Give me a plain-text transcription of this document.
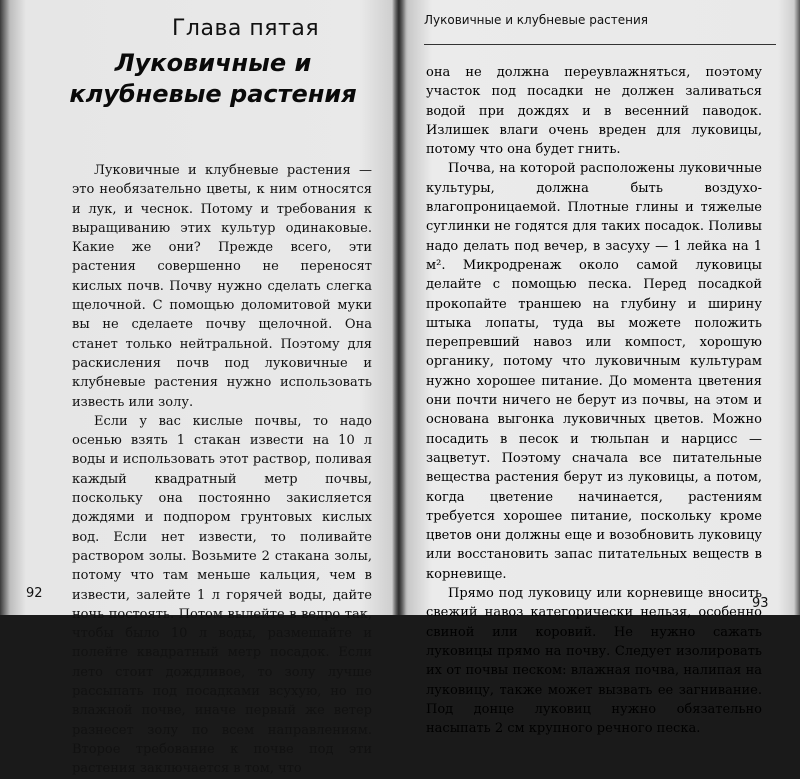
Глава пятая
Луковичные и клубневые растения

Луковичные и клубневые растения — это необязательно цветы, к ним относятся и лук, и чеснок. Потому и требования к выращиванию этих культур одинаковые. Какие же они? Прежде всего, эти растения совершенно не переносят кислых почв. Почву нужно сделать слегка щелочной. С помощью доломитовой муки вы не сделаете почву щелочной. Она станет только нейтральной. Поэтому для раскисления почв под луковичные и клубневые растения нужно использовать известь или золу.

Если у вас кислые почвы, то надо осенью взять 1 стакан извести на 10 л воды и использовать этот раствор, поливая каждый квадратный метр почвы, поскольку она постоянно закисляется дождями и подпором грунтовых кислых вод. Если нет извести, то поливайте раствором золы. Возьмите 2 стакана золы, потому что там меньше кальция, чем в извести, залейте 1 л горячей воды, дайте ночь постоять. Потом вылейте в ведро так, чтобы было 10 л воды, размешайте и полейте квадратный метр посадок. Если лето стоит дождливое, то золу лучше рассыпать под посадками всухую, но по влажной почве, иначе первый же ветер разнесет золу по всем направлениям. Второе требование к почве под эти растения заключается в том, что

92
Луковичные и клубневые растения

она не должна переувлажняться, поэтому участок под посадки не должен заливаться водой при дождях и в весенний паводок. Излишек влаги очень вреден для луковицы, потому что она будет гнить.

Почва, на которой расположены луковичные культуры, должна быть воздухо-влагопроницаемой. Плотные глины и тяжелые суглинки не годятся для таких посадок. Поливы надо делать под вечер, в засуху — 1 лейка на 1 м². Микродренаж около самой луковицы делайте с помощью песка. Перед посадкой прокопайте траншею на глубину и ширину штыка лопаты, туда вы можете положить перепревший навоз или компост, хорошую органику, потому что луковичным культурам нужно хорошее питание. До момента цветения они почти ничего не берут из почвы, на этом и основана выгонка луковичных цветов. Можно посадить в песок и тюльпан и нарцисс — зацветут. Поэтому сначала все питательные вещества растения берут из луковицы, а потом, когда цветение начинается, растениям требуется хорошее питание, поскольку кроме цветов они должны еще и возобновить луковицу или восстановить запас питательных веществ в корневище.

Прямо под луковицу или корневище вносить свежий навоз категорически нельзя, особенно свиной или коровий. Не нужно сажать луковицы прямо на почву. Следует изолировать их от почвы песком: влажная почва, налипая на луковицу, также может вызвать ее загнивание. Под донце луковиц нужно обязательно насыпать 2 см крупного речного песка.

93
